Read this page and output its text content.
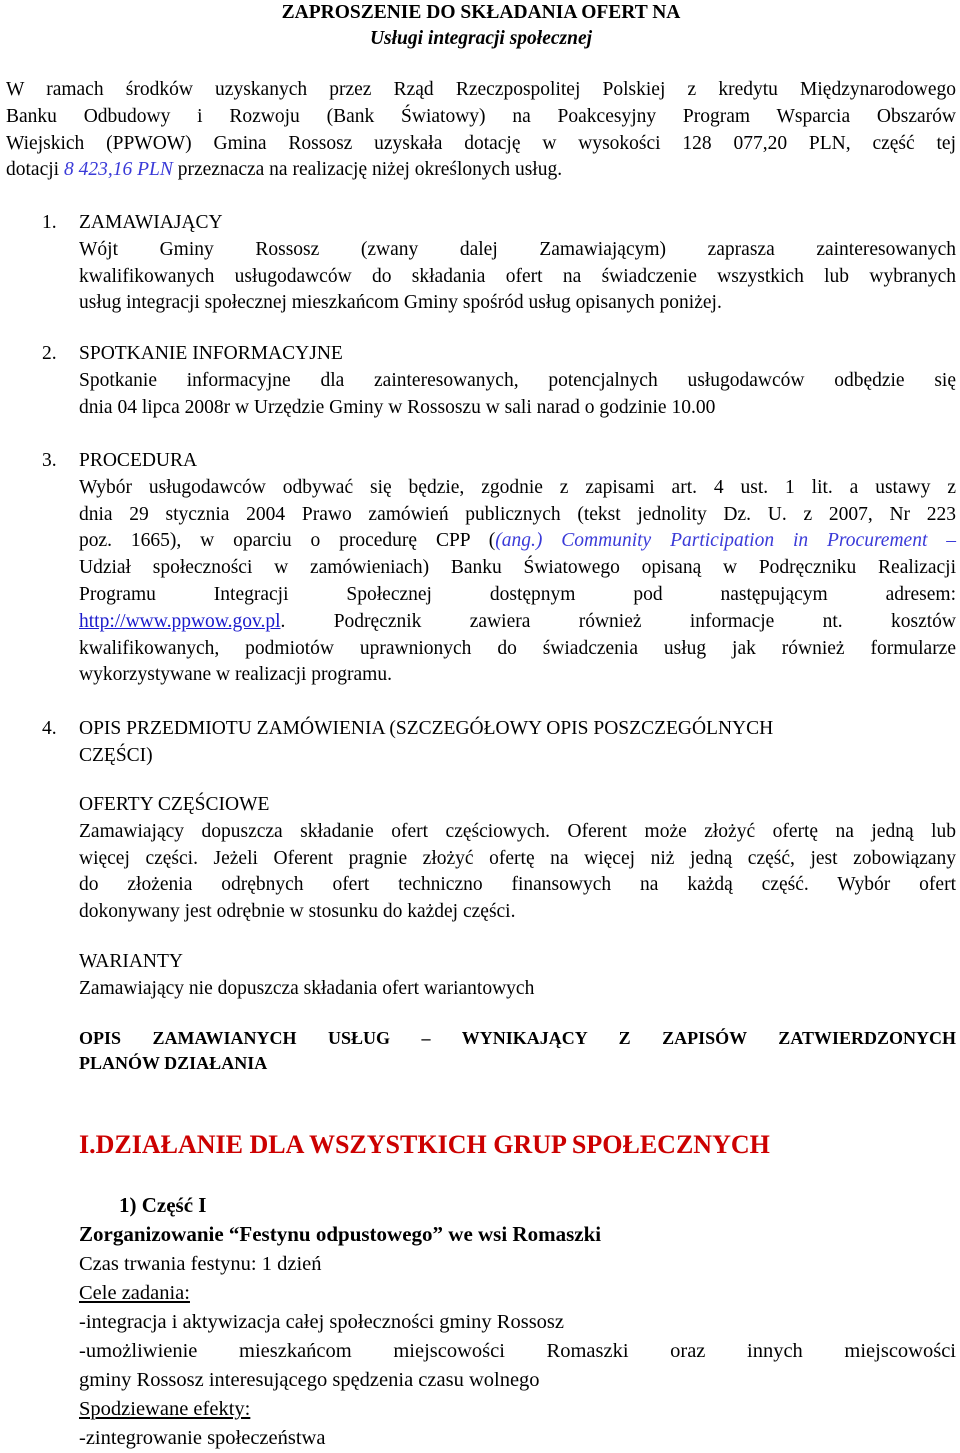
ZAPROSZENIE DO SKŁADANIA OFERT NA
Usługi integracji społecznej
W ramach środków uzyskanych przez Rząd Rzeczpospolitej Polskiej z kredytu Międzynarodowego
Banku Odbudowy i Rozwoju (Bank Światowy) na Poakcesyjny Program Wsparcia Obszarów
Wiejskich (PPWOW) Gmina Rossosz uzyskała dotację w wysokości 128 077,20 PLN, część tej
dotacji 8 423,16 PLN przeznacza na realizację niżej określonych usług.
1. ZAMAWIAJĄCY
Wójt Gminy Rossosz (zwany dalej Zamawiającym) zaprasza zainteresowanych
kwalifikowanych usługodawców do składania ofert na świadczenie wszystkich lub wybranych
usług integracji społecznej mieszkańcom Gminy spośród usług opisanych poniżej.
2. SPOTKANIE INFORMACYJNE
Spotkanie informacyjne dla zainteresowanych, potencjalnych usługodawców odbędzie się
dnia 04 lipca 2008r w Urzędzie Gminy w Rossoszu w sali narad o godzinie 10.00
3. PROCEDURA
Wybór usługodawców odbywać się będzie, zgodnie z zapisami art. 4 ust. 1 lit. a ustawy z
dnia 29 stycznia 2004 Prawo zamówień publicznych (tekst jednolity Dz. U. z 2007, Nr 223
poz. 1665), w oparciu o procedurę CPP ((ang.) Community Participation in Procurement –
Udział społeczności w zamówieniach) Banku Światowego opisaną w Podręczniku Realizacji
Programu Integracji Społecznej dostępnym pod następującym adresem:
http://www.ppwow.gov.pl. Podręcznik zawiera również informacje nt. kosztów
kwalifikowanych, podmiotów uprawnionych do świadczenia usług jak również formularze
wykorzystywane w realizacji programu.
4. OPIS PRZEDMIOTU ZAMÓWIENIA (SZCZEGÓŁOWY OPIS POSZCZEGÓLNYCH
CZĘŚCI)
OFERTY CZĘŚCIOWE
Zamawiający dopuszcza składanie ofert częściowych. Oferent może złożyć ofertę na jedną lub
więcej części. Jeżeli Oferent pragnie złożyć ofertę na więcej niż jedną część, jest zobowiązany
do złożenia odrębnych ofert techniczno finansowych na każdą część. Wybór ofert
dokonywany jest odrębnie w stosunku do każdej części.
WARIANTY
Zamawiający nie dopuszcza składania ofert wariantowych
OPIS ZAMAWIANYCH USŁUG – WYNIKAJĄCY Z ZAPISÓW ZATWIERDZONYCH
PLANÓW DZIAŁANIA
I.DZIAŁANIE DLA WSZYSTKICH GRUP SPOŁECZNYCH
1) Część I
Zorganizowanie “Festynu odpustowego” we wsi Romaszki
Czas trwania festynu: 1 dzień
Cele zadania:
-integracja i aktywizacja całej społeczności gminy Rossosz
-umożliwienie mieszkańcom miejscowości Romaszki oraz innych miejscowości
gminy Rossosz interesującego spędzenia czasu wolnego
Spodziewane efekty:
-zintegrowanie społeczeństwa
